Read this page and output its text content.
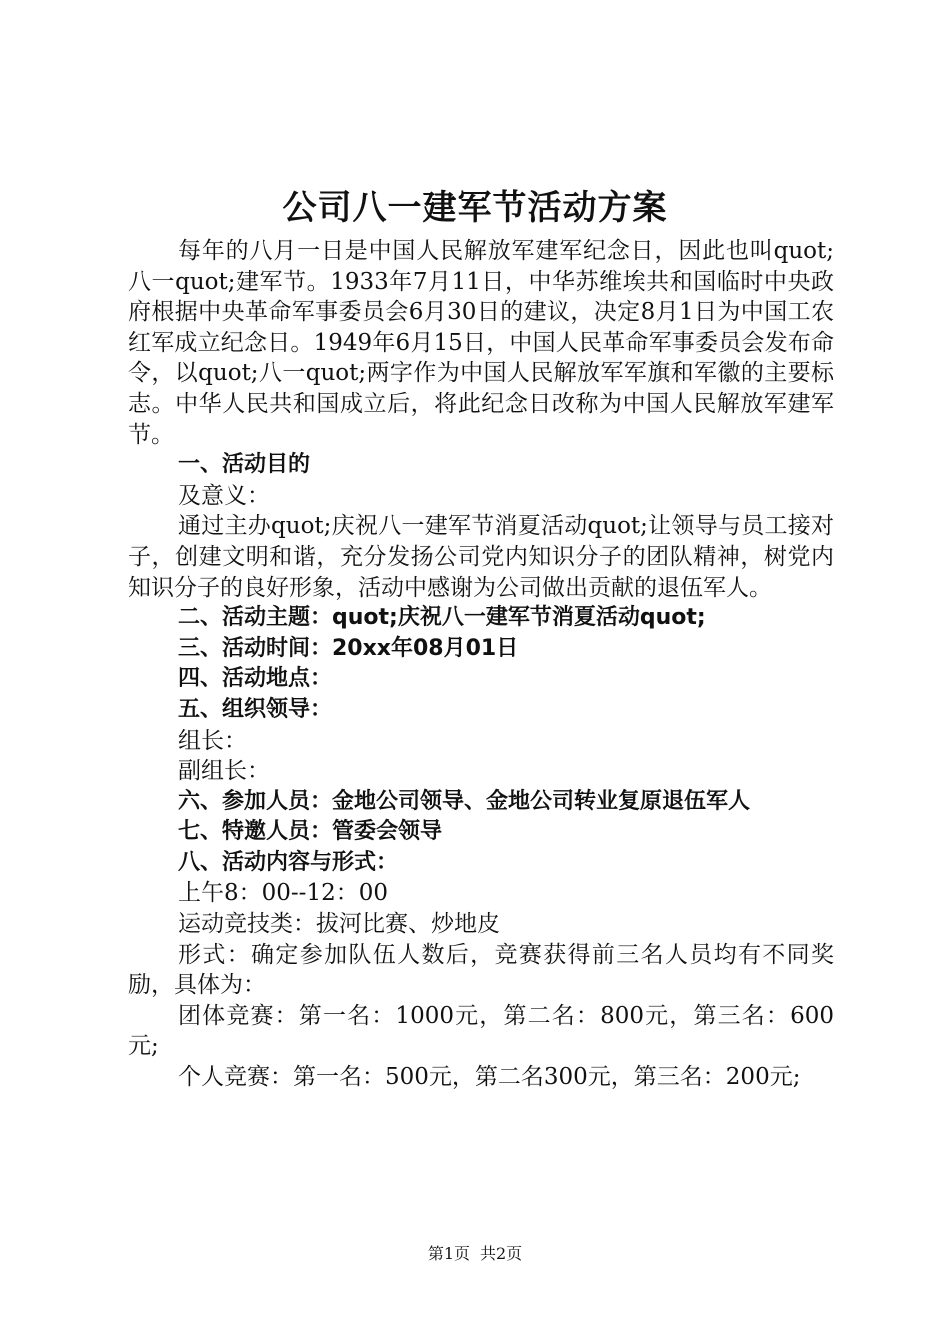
公司八一建军节活动方案

每年的八月一日是中国人民解放军建军纪念日，因此也叫quot;八一quot;建军节。1933年7月11日，中华苏维埃共和国临时中央政府根据中央革命军事委员会6月30日的建议，决定8月1日为中国工农红军成立纪念日。1949年6月15日，中国人民革命军事委员会发布命令，以quot;八一quot;两字作为中国人民解放军军旗和军徽的主要标志。中华人民共和国成立后，将此纪念日改称为中国人民解放军建军节。

一、活动目的

及意义：

通过主办quot;庆祝八一建军节消夏活动quot;让领导与员工接对子，创建文明和谐，充分发扬公司党内知识分子的团队精神，树党内知识分子的良好形象，活动中感谢为公司做出贡献的退伍军人。

二、活动主题：quot;庆祝八一建军节消夏活动quot;

三、活动时间：20xx年08月01日

四、活动地点：

五、组织领导：

组长：

副组长：

六、参加人员：金地公司领导、金地公司转业复原退伍军人

七、特邀人员：管委会领导

八、活动内容与形式：

上午8：00--12：00

运动竞技类：拔河比赛、炒地皮

形式：确定参加队伍人数后，竞赛获得前三名人员均有不同奖励，具体为：

团体竞赛：第一名：1000元，第二名：800元，第三名：600元;

个人竞赛：第一名：500元，第二名300元，第三名：200元;

第1页 共2页
